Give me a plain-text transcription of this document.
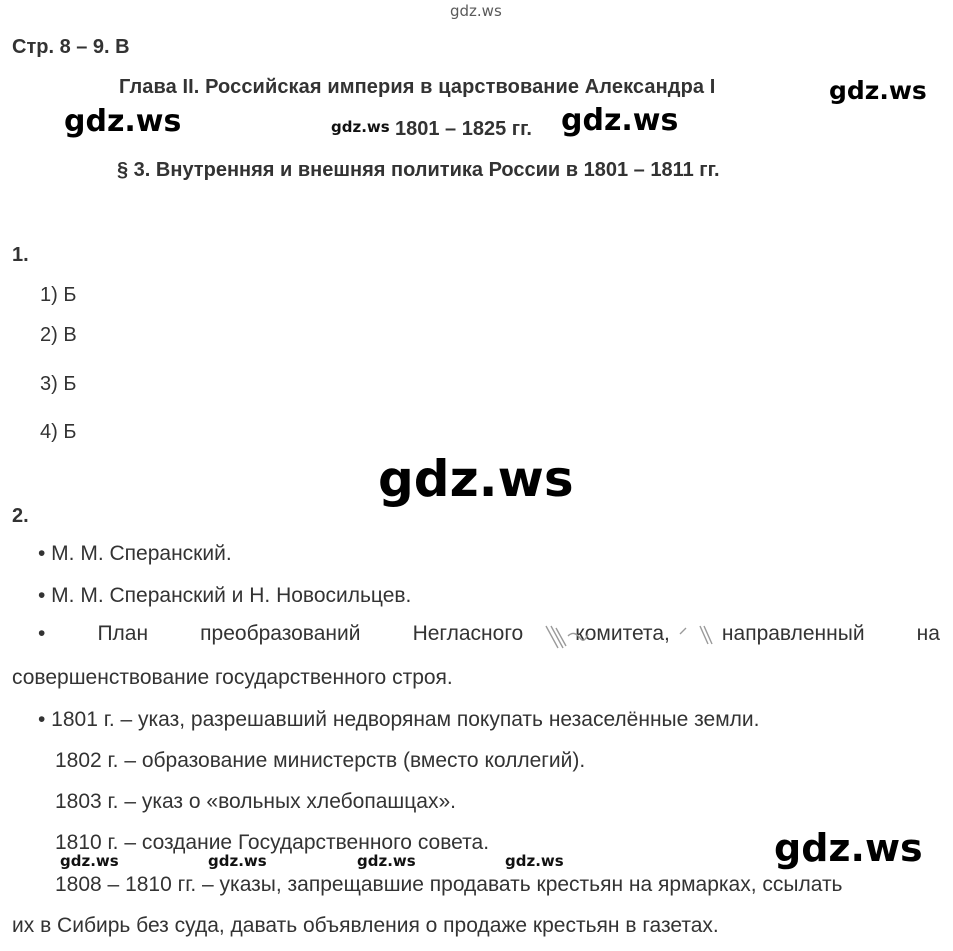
gdz.ws
Стр. 8 – 9. В
Глава II. Российская империя в царствование Александра I	gdz.ws
gdz.ws	gdz.ws 1801 – 1825 гг. gdz.ws
§ 3. Внутренняя и внешняя политика России в 1801 – 1811 гг.
1.
1) Б
2) В
3) Б
4) Б
gdz.ws
2.
• М. М. Сперанский.
• М. М. Сперанский и Н. Новосильцев.
• План преобразований Негласного комитета, направленный на
совершенствование государственного строя.
• 1801 г. – указ, разрешавший недворянам покупать незаселённые земли.
1802 г. – образование министерств (вместо коллегий).
1803 г. – указ о «вольных хлебопашцах».
1810 г. – создание Государственного совета.	gdz.ws
gdz.ws	gdz.ws	gdz.ws	gdz.ws
1808 – 1810 гг. – указы, запрещавшие продавать крестьян на ярмарках, ссылать
их в Сибирь без суда, давать объявления о продаже крестьян в газетах.
